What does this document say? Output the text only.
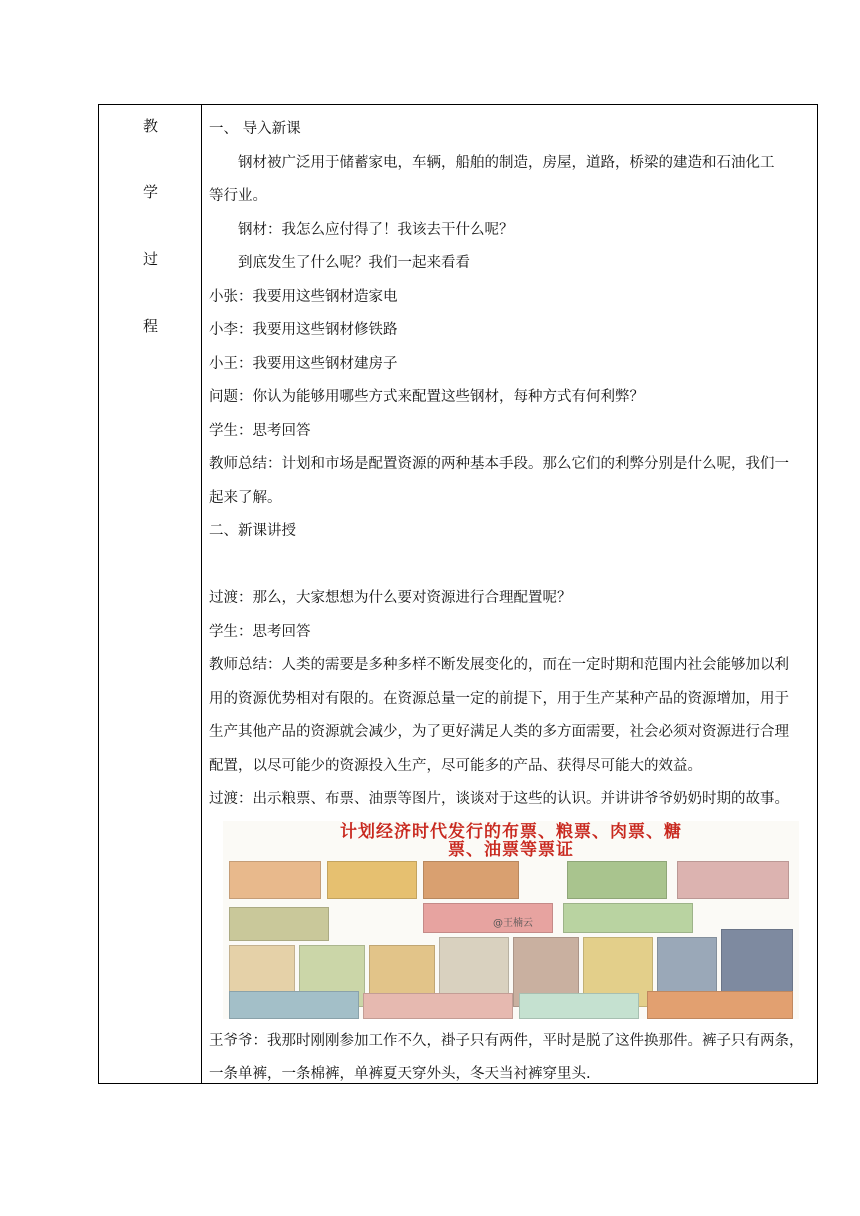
教
学
过
程

一、 导入新课

钢材被广泛用于储蓄家电，车辆，船舶的制造，房屋，道路，桥梁的建造和石油化工

等行业。

钢材：我怎么应付得了！我该去干什么呢？

到底发生了什么呢？我们一起来看看

小张：我要用这些钢材造家电

小李：我要用这些钢材修铁路

小王：我要用这些钢材建房子

问题：你认为能够用哪些方式来配置这些钢材，每种方式有何利弊？

学生：思考回答

教师总结：计划和市场是配置资源的两种基本手段。那么它们的利弊分别是什么呢，我们一

起来了解。

二、新课讲授

过渡：那么，大家想想为什么要对资源进行合理配置呢？

学生：思考回答

教师总结：人类的需要是多种多样不断发展变化的，而在一定时期和范围内社会能够加以利

用的资源优势相对有限的。在资源总量一定的前提下，用于生产某种产品的资源增加，用于

生产其他产品的资源就会减少，为了更好满足人类的多方面需要，社会必须对资源进行合理

配置，以尽可能少的资源投入生产，尽可能多的产品、获得尽可能大的效益。

过渡：出示粮票、布票、油票等图片，谈谈对于这些的认识。并讲讲爷爷奶奶时期的故事。

计划经济时代发行的布票、粮票、肉票、糖
票、油票等票证
@王楠云

王爷爷：我那时刚刚参加工作不久，褂子只有两件，平时是脱了这件换那件。裤子只有两条，

一条单裤，一条棉裤，单裤夏天穿外头，冬天当衬裤穿里头.
